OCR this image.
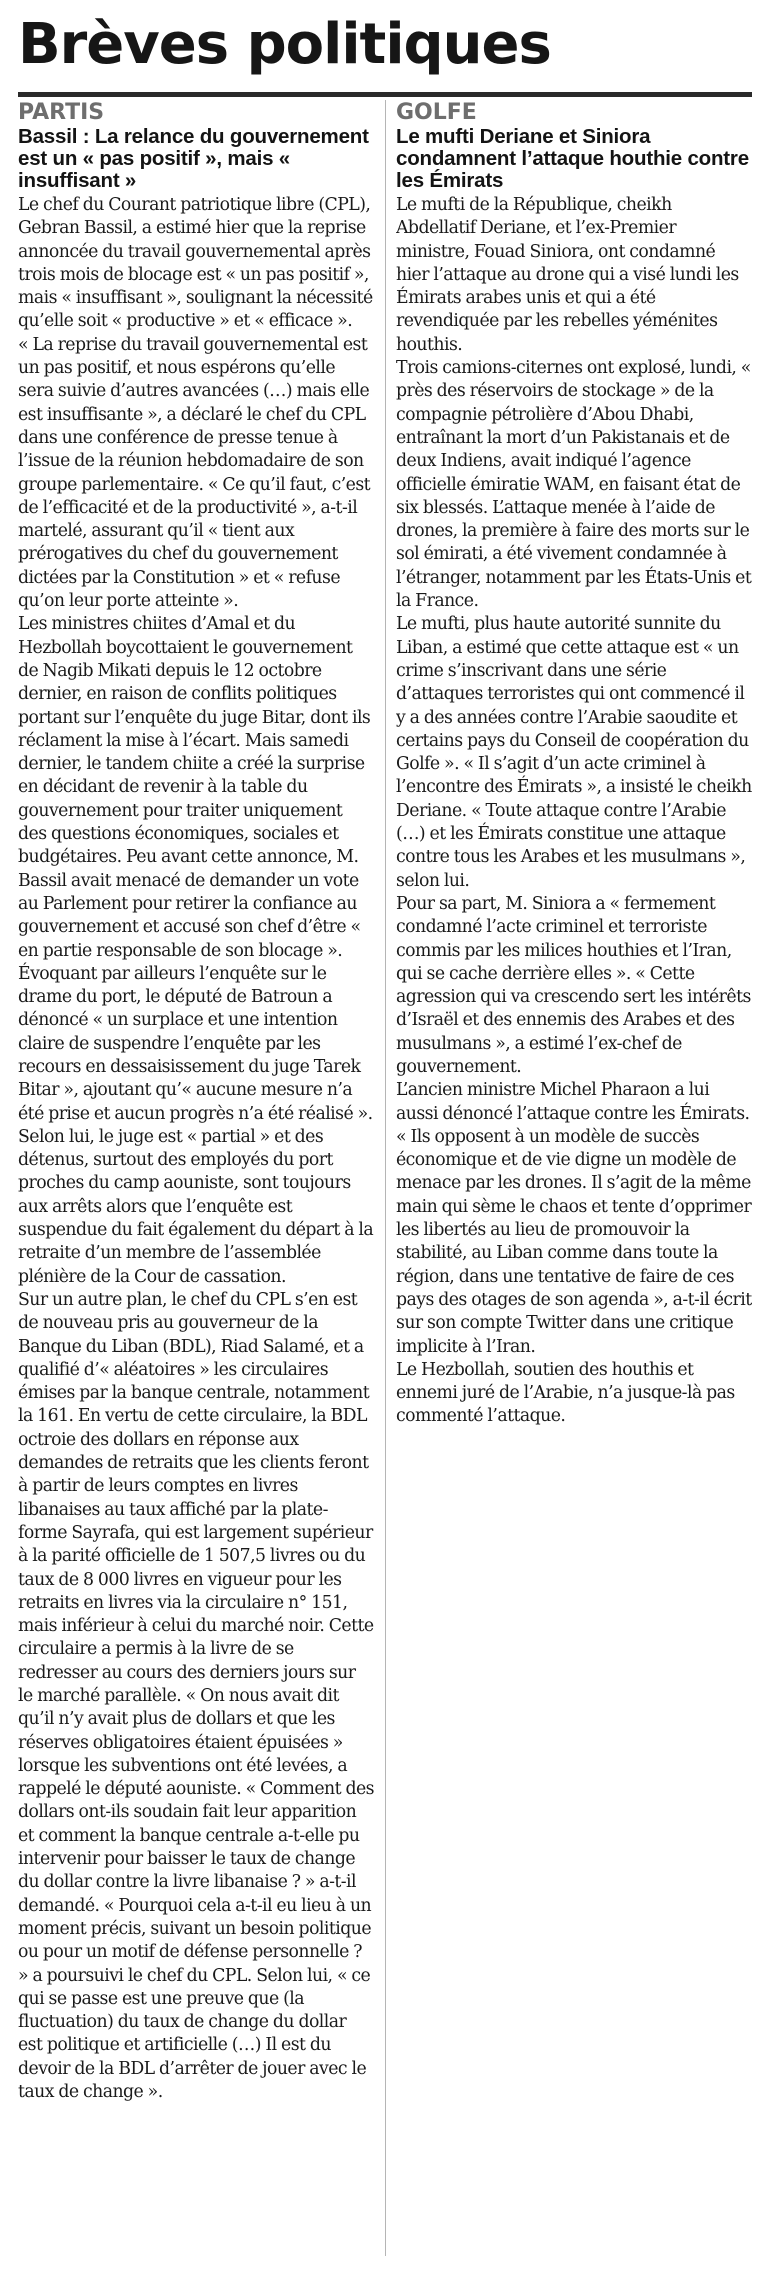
Brèves politiques
PARTIS
Bassil : La relance du gouvernement est un « pas positif », mais « insuffisant »

Le chef du Courant patriotique libre (CPL), Gebran Bassil, a estimé hier que la reprise annoncée du travail gouvernemental après trois mois de blocage est « un pas positif », mais « insuffisant », soulignant la nécessité qu’elle soit « productive » et « efficace ».

« La reprise du travail gouvernemental est un pas positif, et nous espérons qu’elle sera suivie d’autres avancées (…) mais elle est insuffisante », a déclaré le chef du CPL dans une conférence de presse tenue à l’issue de la réunion hebdomadaire de son groupe parlementaire. « Ce qu’il faut, c’est de l’efficacité et de la productivité », a-t-il martelé, assurant qu’il « tient aux prérogatives du chef du gouvernement dictées par la Constitution » et « refuse qu’on leur porte atteinte ».

Les ministres chiites d’Amal et du Hezbollah boycottaient le gouvernement de Nagib Mikati depuis le 12 octobre dernier, en raison de conflits politiques portant sur l’enquête du juge Bitar, dont ils réclament la mise à l’écart. Mais samedi dernier, le tandem chiite a créé la surprise en décidant de revenir à la table du gouvernement pour traiter uniquement des questions économiques, sociales et budgétaires. Peu avant cette annonce, M. Bassil avait menacé de demander un vote au Parlement pour retirer la confiance au gouvernement et accusé son chef d’être « en partie responsable de son blocage ».

Évoquant par ailleurs l’enquête sur le drame du port, le député de Batroun a dénoncé « un surplace et une intention claire de suspendre l’enquête par les recours en dessaisissement du juge Tarek Bitar », ajoutant qu’« aucune mesure n’a été prise et aucun progrès n’a été réalisé ».

Selon lui, le juge est « partial » et des détenus, surtout des employés du port proches du camp aouniste, sont toujours aux arrêts alors que l’enquête est suspendue du fait également du départ à la retraite d’un membre de l’assemblée plénière de la Cour de cassation.

Sur un autre plan, le chef du CPL s’en est de nouveau pris au gouverneur de la Banque du Liban (BDL), Riad Salamé, et a qualifié d’« aléatoires » les circulaires émises par la banque centrale, notamment la 161. En vertu de cette circulaire, la BDL octroie des dollars en réponse aux demandes de retraits que les clients feront à partir de leurs comptes en livres libanaises au taux affiché par la plate-forme Sayrafa, qui est largement supérieur à la parité officielle de 1 507,5 livres ou du taux de 8 000 livres en vigueur pour les retraits en livres via la circulaire n° 151, mais inférieur à celui du marché noir. Cette circulaire a permis à la livre de se redresser au cours des derniers jours sur le marché parallèle. « On nous avait dit qu’il n’y avait plus de dollars et que les réserves obligatoires étaient épuisées » lorsque les subventions ont été levées, a rappelé le député aouniste. « Comment des dollars ont-ils soudain fait leur apparition et comment la banque centrale a-t-elle pu intervenir pour baisser le taux de change du dollar contre la livre libanaise ? » a-t-il demandé. « Pourquoi cela a-t-il eu lieu à un moment précis, suivant un besoin politique ou pour un motif de défense personnelle ? » a poursuivi le chef du CPL. Selon lui, « ce qui se passe est une preuve que (la fluctuation) du taux de change du dollar est politique et artificielle (…) Il est du devoir de la BDL d’arrêter de jouer avec le taux de change ».

GOLFE
Le mufti Deriane et Siniora condamnent l’attaque houthie contre les Émirats

Le mufti de la République, cheikh Abdellatif Deriane, et l’ex-Premier ministre, Fouad Siniora, ont condamné hier l’attaque au drone qui a visé lundi les Émirats arabes unis et qui a été revendiquée par les rebelles yéménites houthis.

Trois camions-citernes ont explosé, lundi, « près des réservoirs de stockage » de la compagnie pétrolière d’Abou Dhabi, entraînant la mort d’un Pakistanais et de deux Indiens, avait indiqué l’agence officielle émiratie WAM, en faisant état de six blessés. L’attaque menée à l’aide de drones, la première à faire des morts sur le sol émirati, a été vivement condamnée à l’étranger, notamment par les États-Unis et la France.

Le mufti, plus haute autorité sunnite du Liban, a estimé que cette attaque est « un crime s’inscrivant dans une série d’attaques terroristes qui ont commencé il y a des années contre l’Arabie saoudite et certains pays du Conseil de coopération du Golfe ». « Il s’agit d’un acte criminel à l’encontre des Émirats », a insisté le cheikh Deriane. « Toute attaque contre l’Arabie (…) et les Émirats constitue une attaque contre tous les Arabes et les musulmans », selon lui.

Pour sa part, M. Siniora a « fermement condamné l’acte criminel et terroriste commis par les milices houthies et l’Iran, qui se cache derrière elles ». « Cette agression qui va crescendo sert les intérêts d’Israël et des ennemis des Arabes et des musulmans », a estimé l’ex-chef de gouvernement.

L’ancien ministre Michel Pharaon a lui aussi dénoncé l’attaque contre les Émirats. « Ils opposent à un modèle de succès économique et de vie digne un modèle de menace par les drones. Il s’agit de la même main qui sème le chaos et tente d’opprimer les libertés au lieu de promouvoir la stabilité, au Liban comme dans toute la région, dans une tentative de faire de ces pays des otages de son agenda », a-t-il écrit sur son compte Twitter dans une critique implicite à l’Iran.

Le Hezbollah, soutien des houthis et ennemi juré de l’Arabie, n’a jusque-là pas commenté l’attaque.
